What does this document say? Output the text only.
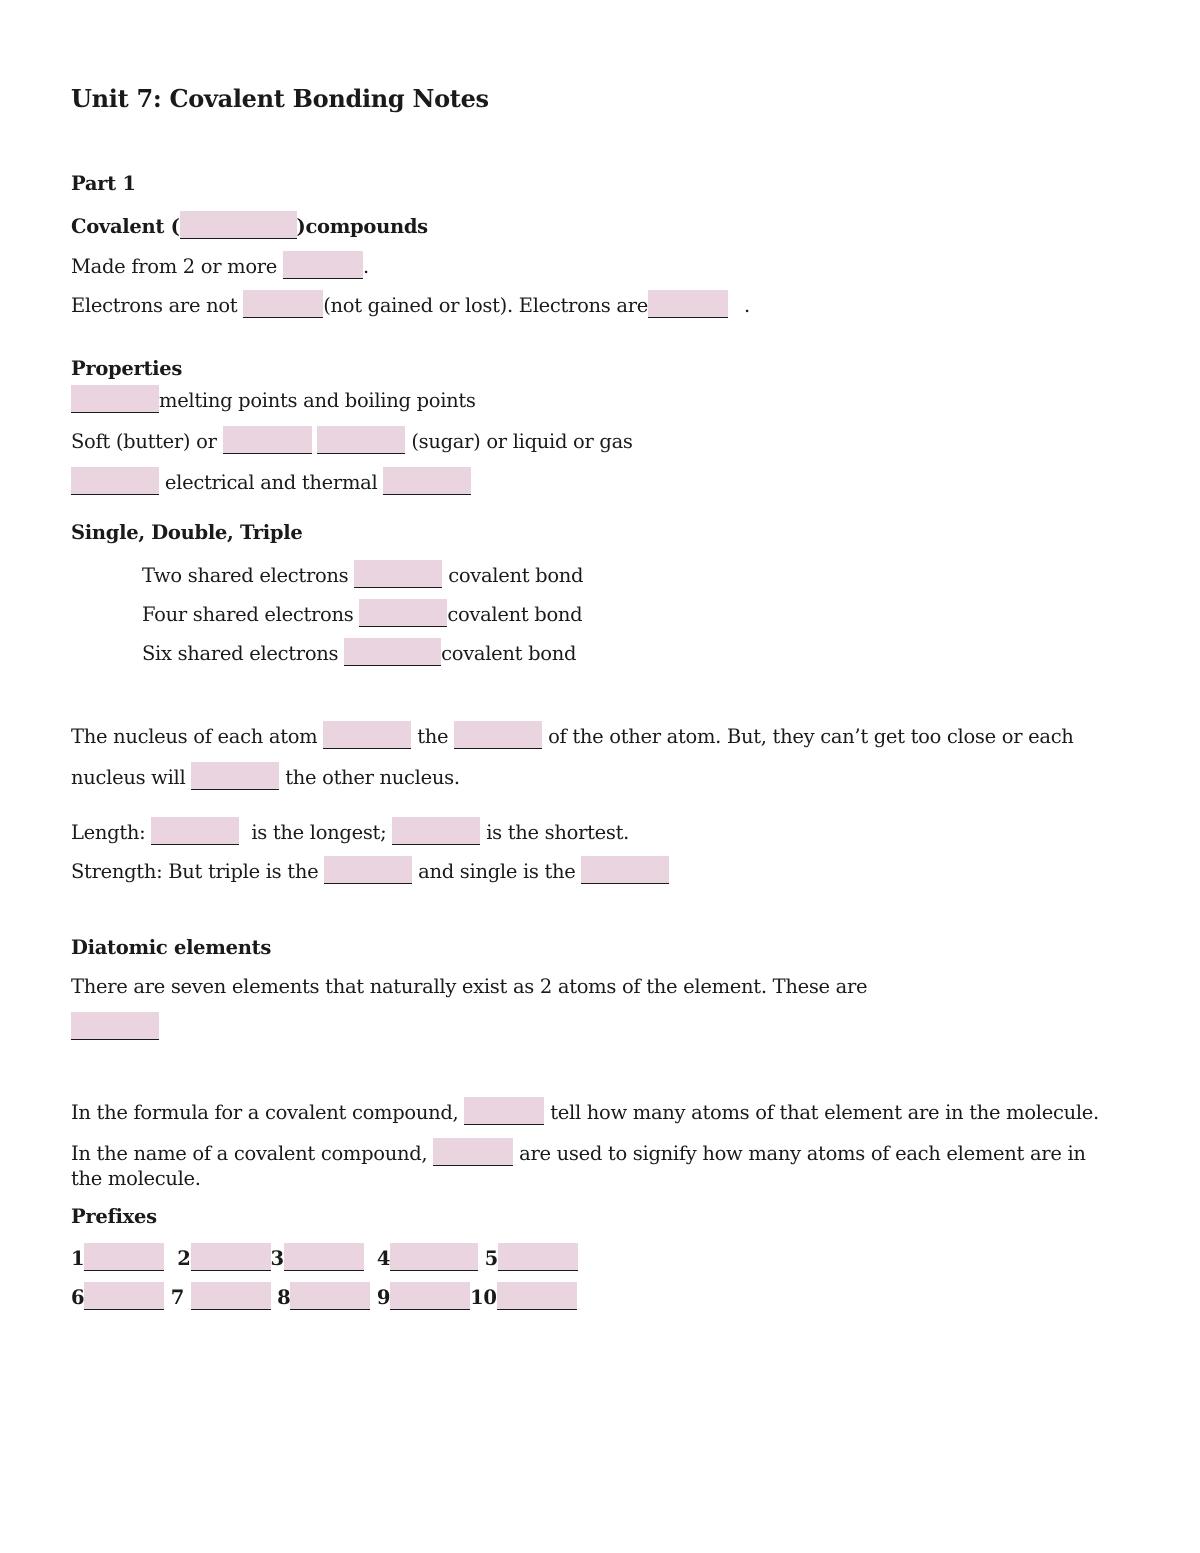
Unit 7: Covalent Bonding Notes
Part 1
Covalent (	)compounds
Made from 2 or more	.
Electrons are not	(not gained or lost). Electrons are	.
Properties
melting points and boiling points
Soft (butter) or	(sugar) or liquid or gas
electrical and thermal
Single, Double, Triple
Two shared electrons	covalent bond
Four shared electrons	covalent bond
Six shared electrons	covalent bond
The nucleus of each atom	the	of the other atom. But, they can’t get too close or each
nucleus will	the other nucleus.
Length:	is the longest;	is the shortest.
Strength: But triple is the	and single is the
Diatomic elements
There are seven elements that naturally exist as 2 atoms of the element. These are
In the formula for a covalent compound,	tell how many atoms of that element are in the molecule.
In the name of a covalent compound,	are used to signify how many atoms of each element are in
the molecule.
Prefixes
1	2	3	4	5
6	7	8	9	10
